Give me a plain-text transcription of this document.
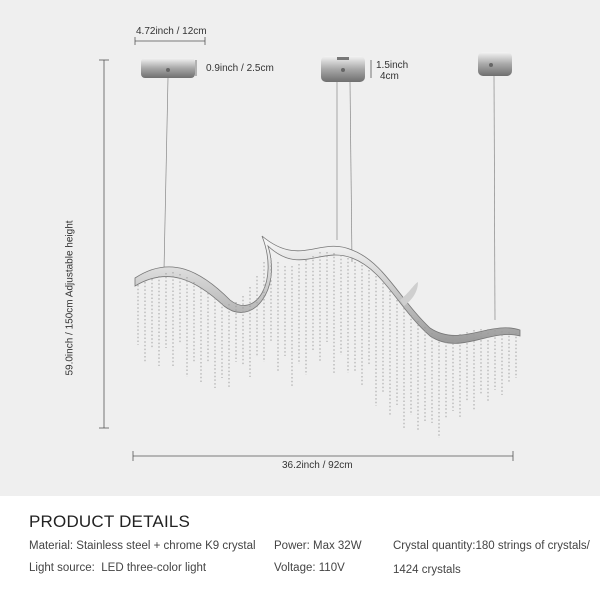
4.72inch / 12cm
0.9inch / 2.5cm	1.5inch
4cm
59.0inch / 150cm Adjustable height
36.2inch / 92cm
PRODUCT DETAILS
Material: Stainless steel + chrome K9 crystal
Light source: LED three-color light
Power: Max 32W
Voltage: 110V
Crystal quantity:180 strings of crystals/
1424 crystals
